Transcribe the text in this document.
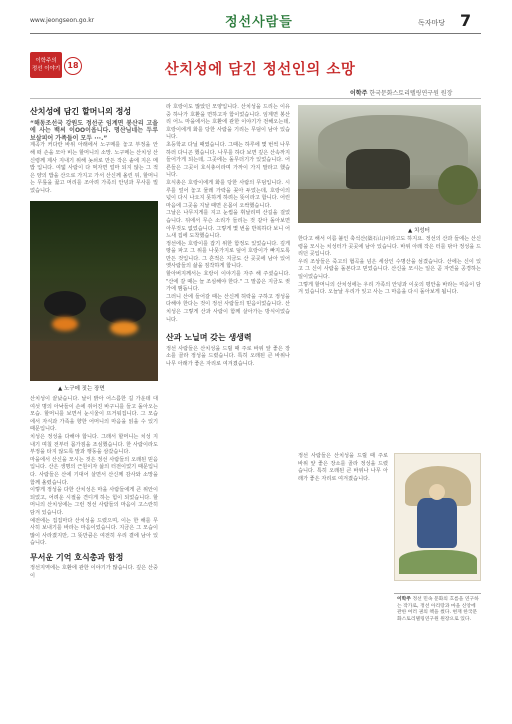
www.jeongseon.go.kr	정선사람들	독자마당 7
이학주의
정선 이야기 18	산치성에 담긴 정선인의 소망
이학주 한국문화스토리텔링연구원 원장
산치성에 담긴 할머니의 정성

“해동조선국 강원도 정선군 임계면 봉산리 고을에 사는 백씨 이OO이옵니다. 명산님네는 두루 보살피어 가족들이 모두 ···.”

계곡가 커다란 바위 아래에서 노구메를 놓고 부정을 안 해 떠 손을 모아 비는 할머니의 소망. 노구메는 산치성 산신령께 제사 지내기 위해 놋쇠로 만든 작은 솥에 지은 메밥 입니다. 여덟 사람이 다 먹자면 얼마 되지 않는 그 적은 양의 밥을 산으로 가지고 가서 산신께 올린 뒤, 할머니는 무릎을 꿇고 머리를 조아려 가족의 안녕과 무사를 빌었습니다.

▲ 노구메 짓는 장면

산치성이 끝났습니다. 날이 밝아 어스름한 길 가운데 대여섯 명의 아낙들이 손에 쥐어진 바구니를 들고 돌아오는 모습. 할머니를 보면서 눈시울이 뜨거워집니다. 그 모습에서 자식과 가족을 향한 어머니의 마음을 읽을 수 있기 때문입니다.

치성은 정성을 다해야 합니다. 그래서 할머니는 치성 지내기 며칠 전부터 몸가짐을 조심했습니다. 한 사람이라도 부정을 타지 않도록 말과 행동을 삼갔습니다.

마을에서 산신을 모시는 것은 정선 사람들의 오래된 믿음입니다. 산은 생명의 근원이자 삶의 터전이었기 때문입니다. 사람들은 산에 기대어 살면서 산신께 감사와 소망을 함께 올렸습니다.

이렇게 정성을 다한 산치성은 마을 사람들에게 큰 위안이 되었고, 어려운 시절을 견디게 하는 힘이 되었습니다. 할머니의 산치성에는 그런 정선 사람들의 마음이 고스란히 담겨 있습니다.

예전에는 집집마다 산치성을 드렸으며, 이는 한 해를 무사히 보내기를 바라는 마음이었습니다. 지금은 그 모습이 많이 사라졌지만, 그 뜻만큼은 여전히 우리 곁에 남아 있습니다.

무서운 기억 호식총과 함정

정선지역에는 호환에 관한 이야기가 많습니다. 깊은 산중이

라 호랑이도 많았던 모양입니다. 산치성을 드리는 이유 중 하나가 호환을 면하고자 함이었습니다. 임계면 봉산리 어느 마을에서는 호환에 관한 이야기가 전해오는데, 호랑이에게 화를 당한 사람을 기리는 무덤이 남아 있습니다.

초등학교 다닐 때였습니다. 그때는 하루에 몇 번씩 나무하러 다니곤 했습니다. 나무를 하다 보면 깊은 산속까지 들어가게 되는데, 그곳에는 돌무더기가 있었습니다. 어른들은 그곳이 호식총이라며 가까이 가지 말라고 했습니다.

호식총은 호랑이에게 화를 당한 사람의 무덤입니다. 시루를 엎어 놓고 물레 가락을 꽂아 두었는데, 호랑이의 넋이 다시 나오지 못하게 하려는 뜻이라고 합니다. 어린 마음에 그곳을 지날 때면 온몸이 오싹했습니다.

그날은 나무지게를 지고 눈썹을 휘날리며 산길을 걸었습니다. 뒤에서 무슨 소리가 들리는 것 같아 돌아보면 아무것도 없었습니다. 그렇게 몇 번을 반복하다 보니 어느새 집에 도착했습니다.

정선에는 호랑이를 잡기 위한 함정도 있었습니다. 깊게 땅을 파고 그 위를 나뭇가지로 덮어 호랑이가 빠지도록 만든 것입니다. 그 흔적은 지금도 산 곳곳에 남아 있어 옛사람들의 삶을 짐작하게 합니다.

할아버지께서는 호랑이 이야기를 자주 해 주셨습니다. "산에 갈 때는 늘 조심해야 한다." 그 말씀은 지금도 귓가에 맴돕니다.

그러니 산에 들어갈 때는 산신께 허락을 구하고 정성을 다해야 한다는 것이 정선 사람들의 믿음이었습니다. 산치성은 그렇게 산과 사람이 함께 살아가는 방식이었습니다.

산과 노닐며 갖는 생생력

정선 사람들은 산치성을 드릴 때 주로 바위 앞 좋은 장소를 골라 정성을 드렸습니다. 특히 오래된 큰 바위나 나무 아래가 좋은 자리로 여겨졌습니다.

▲ 치성터

한다고 해서 이름 붙인 축석산(築石山)이라고도 하지요. 정선의 산과 들에는 산신령을 모시는 치성터가 곳곳에 남아 있습니다. 바위 아래 작은 터를 닦아 정성을 드리던 곳입니다.

우리 조상들은 죽고의 협곡을 넘은 세상인 수명산을 섬겼습니다. 산에는 신이 있고 그 신이 사람을 돌본다고 믿었습니다. 산신을 모시는 일은 곧 자연을 공경하는 일이었습니다.

그렇게 할머니의 산치성에는 우리 가족의 안녕과 이웃의 평안을 바라는 마음이 담겨 있습니다. 오늘날 우리가 잊고 사는 그 마음을 다시 돌아보게 됩니다.

정선 사람들은 산치성을 드릴 때 주로 바위 앞 좋은 장소를 골라 정성을 드렸습니다. 특히 오래된 큰 바위나 나무 아래가 좋은 자리로 여겨졌습니다.

이학주 정선 민속 문화의 흐름을 연구하는 작가로, 정선 아리랑과 마을 신앙에 관한 여러 권의 책을 썼다. 현재 한국문화스토리텔링연구원 원장으로 있다.
